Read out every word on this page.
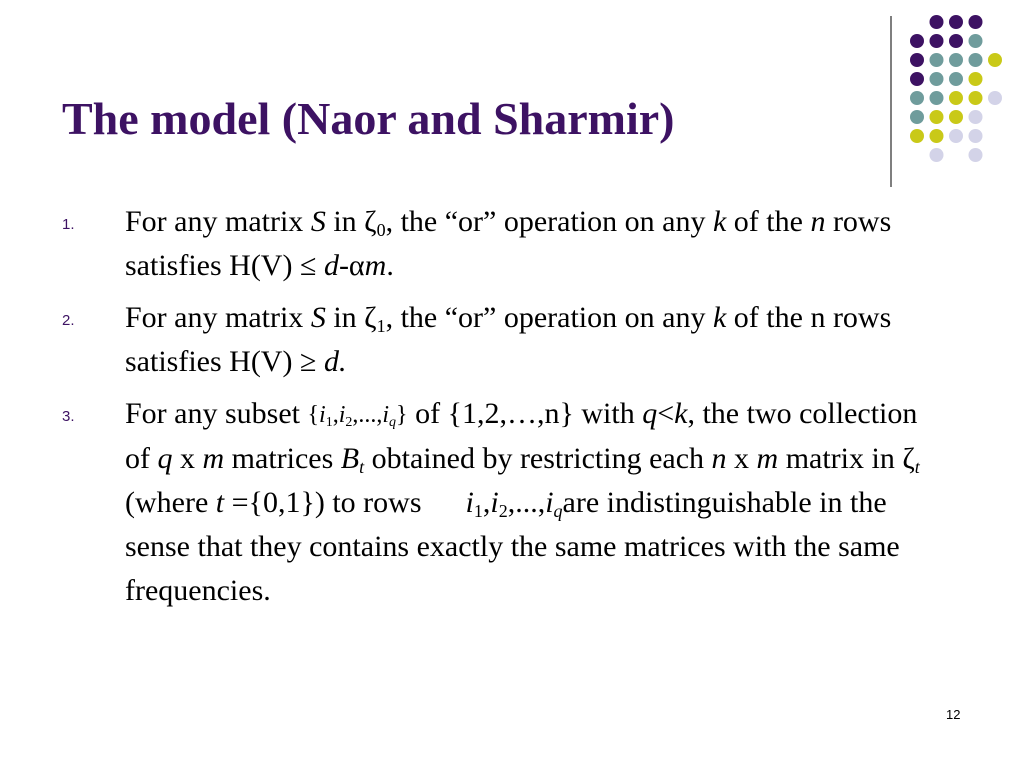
The model (Naor and Sharmir)
1. For any matrix S in $\zeta_0$, the “or” operation on any k of the n rows satisfies H(V) ≤ d-αm.
2. For any matrix S in $\zeta_1$, the “or” operation on any k of the n rows satisfies H(V) ≥ d.
3. For any subset $\{i_1,i_2,...,i_q\}$ of {1,2,…,n} with q<k, the two collection of q x m matrices $B_t$ obtained by restricting each n x m matrix in $\zeta_t$ (where t ={0,1}) to rows $i_1,i_2,...,i_qare$ indistinguishable in the sense that they contains exactly the same matrices with the same frequencies.
12
